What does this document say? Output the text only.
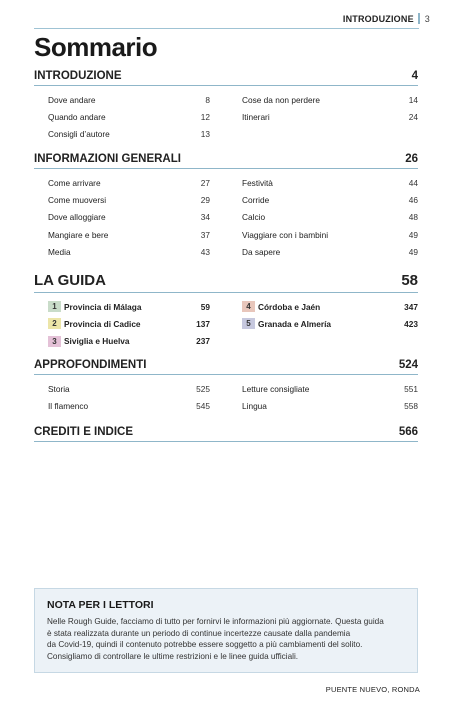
INTRODUZIONE 3
Sommario
INTRODUZIONE	4
Dove andare	8
Quando andare	12
Consigli d’autore	13
Cose da non perdere	14
Itinerari	24
INFORMAZIONI GENERALI	26
Come arrivare	27
Come muoversi	29
Dove alloggiare	34
Mangiare e bere	37
Media	43
Festività	44
Corride	46
Calcio	48
Viaggiare con i bambini	49
Da sapere	49
LA GUIDA	58
1 Provincia di Málaga	59
2 Provincia di Cadice	137
3 Siviglia e Huelva	237
4 Córdoba e Jaén	347
5 Granada e Almería	423
APPROFONDIMENTI	524
Storia	525
Il flamenco	545
Letture consigliate	551
Lingua	558
CREDITI E INDICE	566
NOTA PER I LETTORI
Nelle Rough Guide, facciamo di tutto per fornirvi le informazioni più aggiornate. Questa guida
è stata realizzata durante un periodo di continue incertezze causate dalla pandemia
da Covid-19, quindi il contenuto potrebbe essere soggetto a più cambiamenti del solito.
Consigliamo di controllare le ultime restrizioni e le linee guida ufficiali.
PUENTE NUEVO, RONDA
